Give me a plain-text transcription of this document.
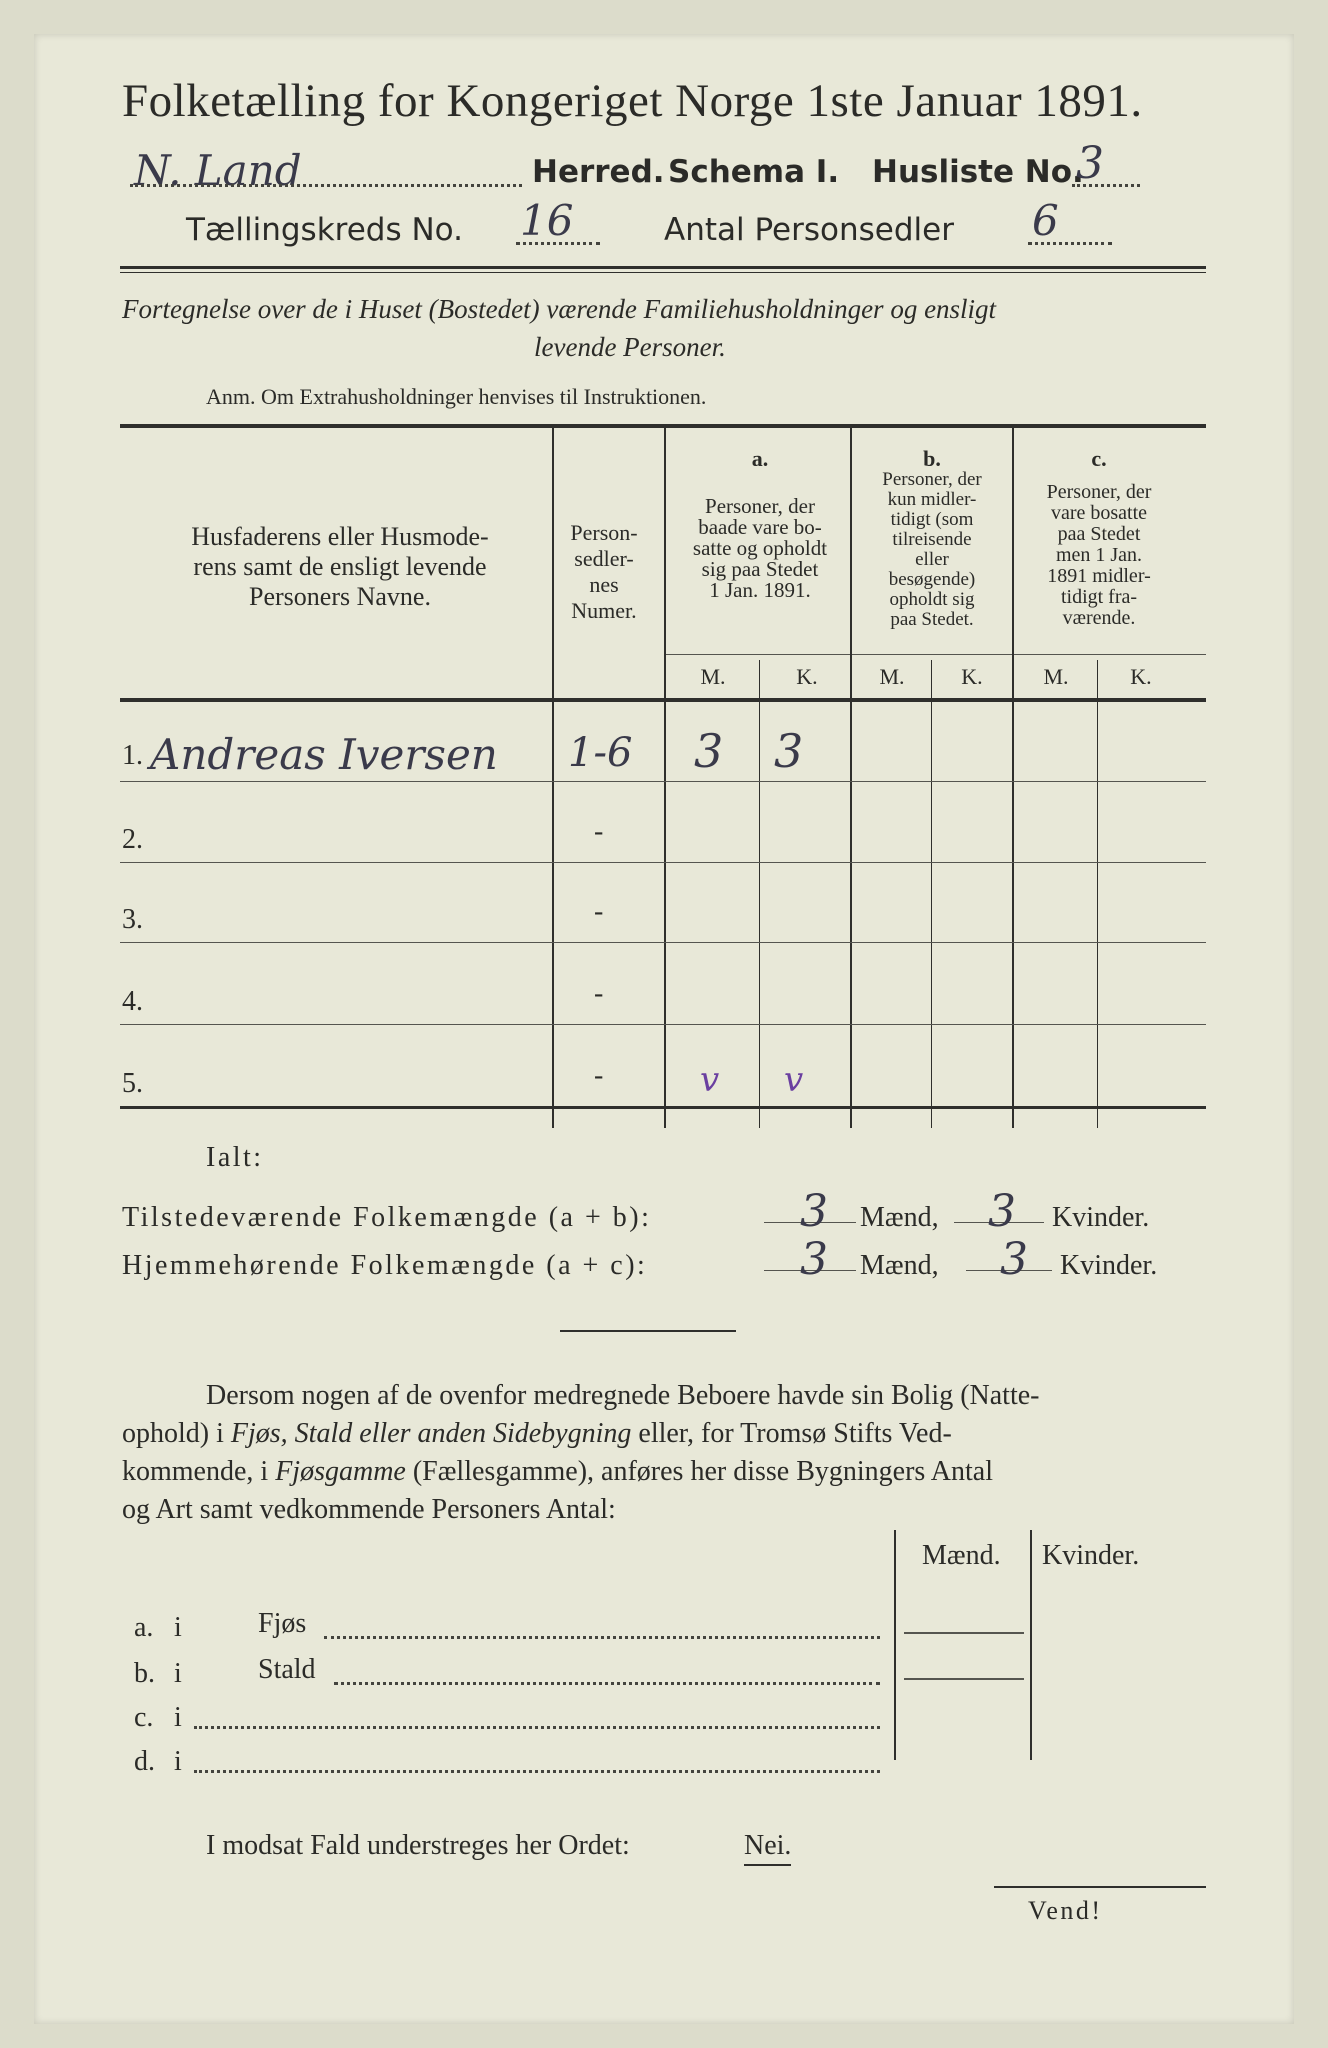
Folketælling for Kongeriget Norge 1ste Januar 1891.
N. Land	Herred. Schema I. Husliste No.
3
Tællingskreds No. 16	Antal Personsedler 6
Fortegnelse over de i Huset (Bostedet) værende Familiehusholdninger og ensligt
levende Personer.
Anm. Om Extrahusholdninger henvises til Instruktionen.
Husfaderens eller Husmode-
rens samt de ensligt levende
Personers Navne.
Person-
sedler-
nes
Numer.
a.
Personer, der
baade vare bo-
satte og opholdt
sig paa Stedet
1 Jan. 1891.
b.
Personer, der
kun midler-
tidigt (som
tilreisende
eller
besøgende)
opholdt sig
paa Stedet.
c.
Personer, der
vare bosatte
paa Stedet
men 1 Jan.
1891 midler-
tidigt fra-
værende.
M.	K.	M.	K.	M.	K.
1. Andreas Iversen 1-6 3 3
2.	-
3.	-
4.	-
5.	-	v v
Ialt:
Tilstedeværende Folkemængde (a + b):	3 Mænd, 3 Kvinder.
Hjemmehørende Folkemængde (a + c):	3 Mænd, 3 Kvinder.
Dersom nogen af de ovenfor medregnede Beboere havde sin Bolig (Natte-
ophold) i Fjøs, Stald eller anden Sidebygning eller, for Tromsø Stifts Ved-
kommende, i Fjøsgamme (Fællesgamme), anføres her disse Bygningers Antal
og Art samt vedkommende Personers Antal:
Mænd. Kvinder.
a. i	Fjøs
b. i	Stald
c. i
d. i
I modsat Fald understreges her Ordet:	Nei.
Vend!
